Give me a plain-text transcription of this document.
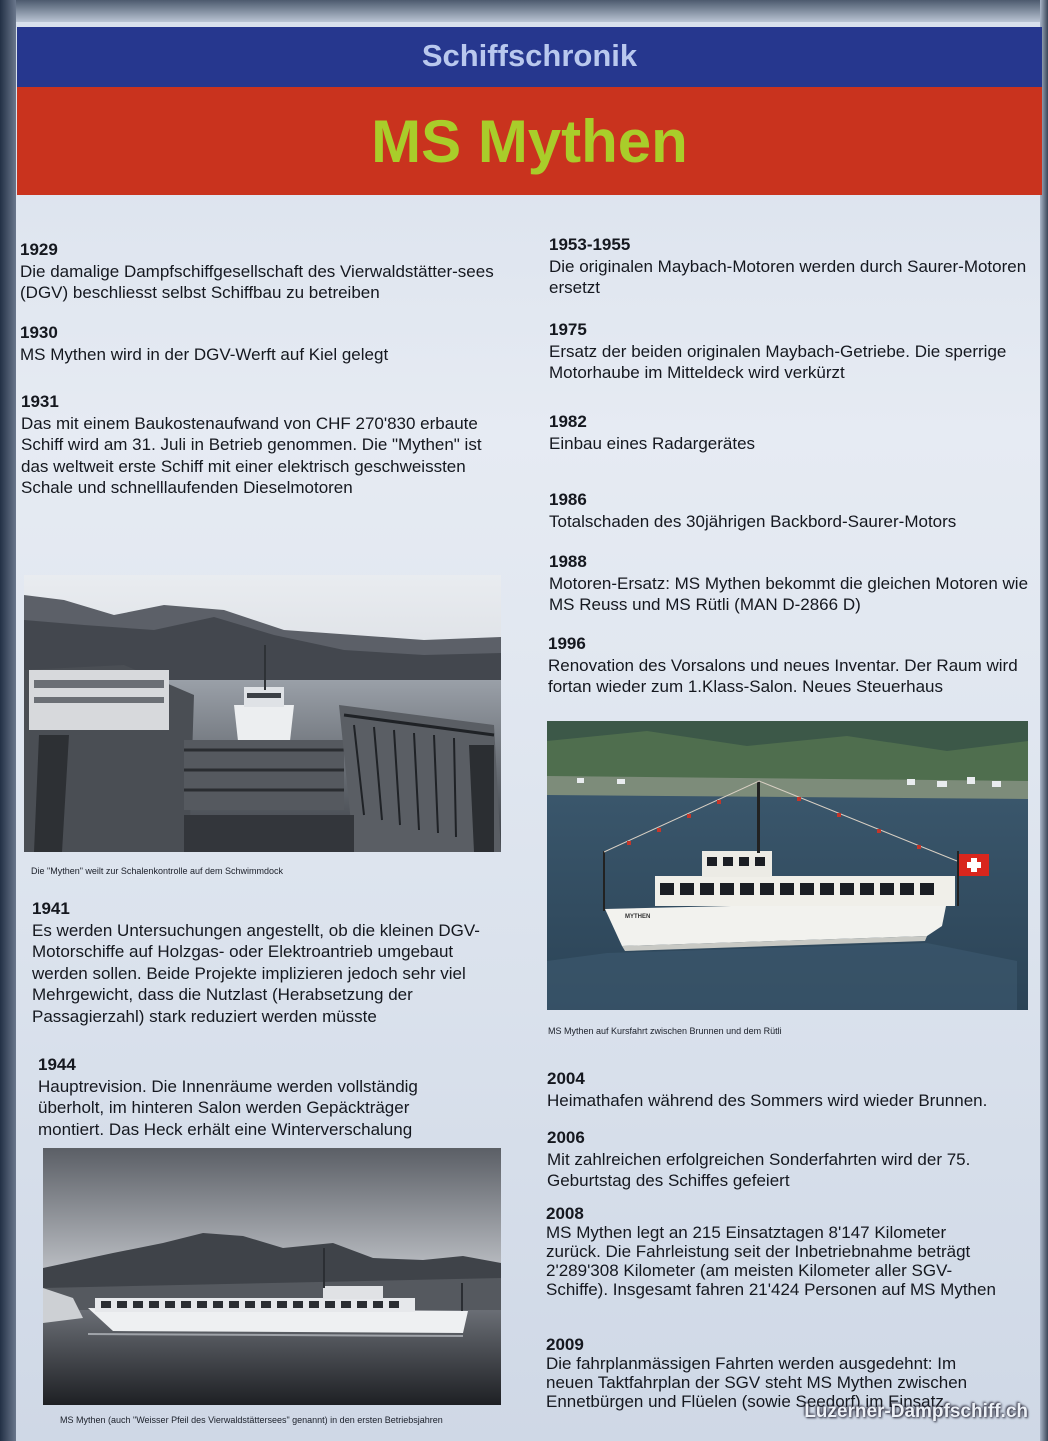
Schiffschronik
MS Mythen
1929
Die damalige Dampfschiffgesellschaft des Vierwaldstätter-sees (DGV) beschliesst selbst Schiffbau zu betreiben
1930
MS Mythen wird in der DGV-Werft auf Kiel gelegt
1931
Das mit einem Baukostenaufwand von CHF 270'830 erbaute Schiff wird am 31. Juli in Betrieb genommen. Die "Mythen" ist das weltweit erste Schiff mit einer elektrisch geschweissten Schale und schnelllaufenden Dieselmotoren
Die "Mythen" weilt zur Schalenkontrolle auf dem Schwimmdock
1941
Es werden Untersuchungen angestellt, ob die kleinen DGV-Motorschiffe auf Holzgas- oder Elektroantrieb umgebaut werden sollen. Beide Projekte implizieren jedoch sehr viel Mehrgewicht, dass die Nutzlast (Herabsetzung der Passagierzahl) stark reduziert werden müsste
1944
Hauptrevision. Die Innenräume werden vollständig überholt, im hinteren Salon werden Gepäckträger montiert. Das Heck erhält eine Winterverschalung
MS Mythen (auch "Weisser Pfeil des Vierwaldstättersees" genannt) in den ersten Betriebsjahren
1953-1955
Die originalen Maybach-Motoren werden durch Saurer-Motoren ersetzt
1975
Ersatz der beiden originalen Maybach-Getriebe. Die sperrige Motorhaube im Mitteldeck wird verkürzt
1982
Einbau eines Radargerätes
1986
Totalschaden des 30jährigen Backbord-Saurer-Motors
1988
Motoren-Ersatz: MS Mythen bekommt die gleichen Motoren wie MS Reuss und MS Rütli (MAN D-2866 D)
1996
Renovation des Vorsalons und neues Inventar. Der Raum wird fortan wieder zum 1.Klass-Salon. Neues Steuerhaus
MYTHEN
MS Mythen auf Kursfahrt zwischen Brunnen und dem Rütli
2004
Heimathafen während des Sommers wird wieder Brunnen.
2006
Mit zahlreichen erfolgreichen Sonderfahrten wird der 75. Geburtstag des Schiffes gefeiert
2008
MS Mythen legt an 215 Einsatztagen 8'147 Kilometer zurück. Die Fahrleistung seit der Inbetriebnahme beträgt 2'289'308 Kilometer (am meisten Kilometer aller SGV-Schiffe). Insgesamt fahren 21'424 Personen auf MS Mythen
2009
Die fahrplanmässigen Fahrten werden ausgedehnt: Im neuen Taktfahrplan der SGV steht MS Mythen zwischen Ennetbürgen und Flüelen (sowie Seedorf) im Einsatz
Luzerner-Dampfschiff.ch
